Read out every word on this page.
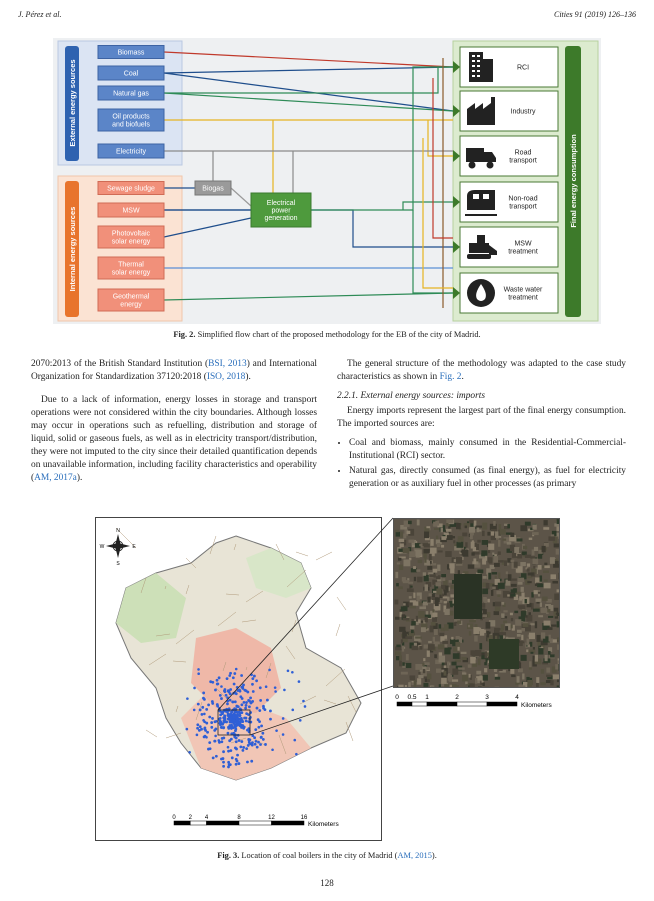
J. Pérez et al.	Cities 91 (2019) 126–136
External energy sources
Internal energy sources
Final energy consumption
Biomass
Coal
Natural gas
Oil products and biofuels
Electricity
Sewage sludge
MSW
Photovoltaic solar energy
Thermal solar energy
Geothermal energy
Biogas
Electrical power generation
RCI
Industry
Road transport
Non-road transport
MSW treatment
Waste water treatment
Fig. 2. Simplified flow chart of the proposed methodology for the EB of the city of Madrid.

2070:2013 of the British Standard Institution (BSI, 2013) and International Organization for Standardization 37120:2018 (ISO, 2018).

Due to a lack of information, energy losses in storage and transport operations were not considered within the city boundaries. Although losses may occur in operations such as refuelling, distribution and storage of liquid, solid or gaseous fuels, as well as in electricity transport/distribution, they were not imputed to the city since their detailed quantification depends on unavailable information, including facility characteristics and operability (AM, 2017a).

The general structure of the methodology was adapted to the case study characteristics as shown in Fig. 2.

2.2.1. External energy sources: imports

Energy imports represent the largest part of the final energy consumption. The imported sources are:

• Coal and biomass, mainly consumed in the Residential-Commercial-Institutional (RCI) sector.
• Natural gas, directly consumed (as final energy), as fuel for electricity generation or as auxiliary fuel in other processes (as primary
N
E
S
W
0 2 4	8	12	16
Kilometers
0 0.5 1	2	3	4
Kilometers
Fig. 3. Location of coal boilers in the city of Madrid (AM, 2015).
128
